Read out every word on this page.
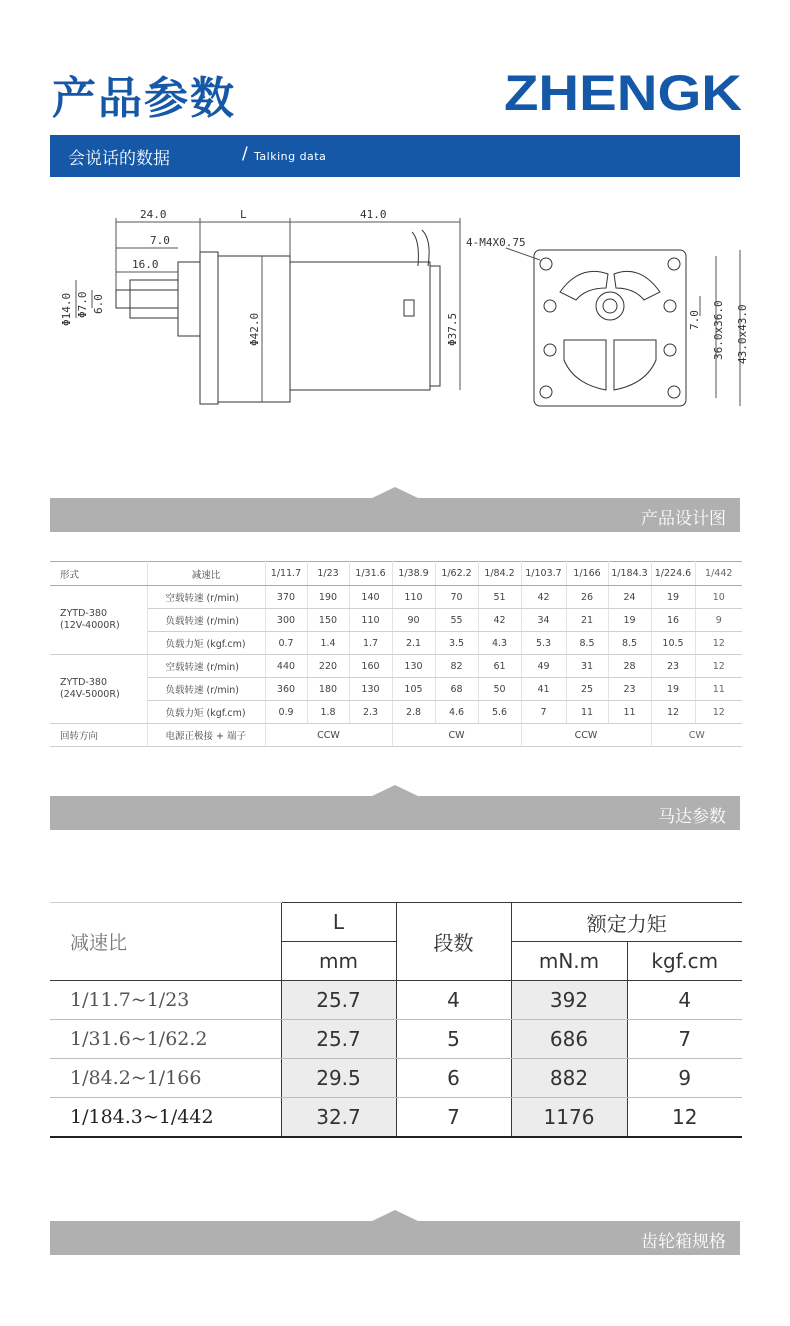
产品参数	ZHENGK
会说话的数据	/ Talking data
24.0	L	41.0
7.0
16.0
Φ14.0 Φ7.0 6.0
Φ42.0	Φ37.5
4-M4X0.75
7.0 36.0x36.0 43.0x43.0
产品设计图
形式	减速比	1/11.7	1/23	1/31.6	1/38.9	1/62.2	1/84.2	1/103.7	1/166	1/184.3	1/224.6	1/442
ZYTD-380
(12V-4000R)	空载转速 (r/min)	370	190	140	110	70	51	42	26	24	19	10
	负载转速 (r/min)	300	150	110	90	55	42	34	21	19	16	9
	负载力矩 (kgf.cm)	0.7	1.4	1.7	2.1	3.5	4.3	5.3	8.5	8.5	10.5	12
ZYTD-380
(24V-5000R)	空载转速 (r/min)	440	220	160	130	82	61	49	31	28	23	12
	负载转速 (r/min)	360	180	130	105	68	50	41	25	23	19	11
	负载力矩 (kgf.cm)	0.9	1.8	2.3	2.8	4.6	5.6	7	11	11	12	12
回转方向	电源正极接 + 端子	CCW			CW			CCW			CW	
马达参数
减速比	L	段数	额定力矩	
	mm		mN.m	kgf.cm
1/11.7~1/23	25.7	4	392	4
1/31.6~1/62.2	25.7	5	686	7
1/84.2~1/166	29.5	6	882	9
1/184.3~1/442	32.7	7	1176	12
齿轮箱规格
